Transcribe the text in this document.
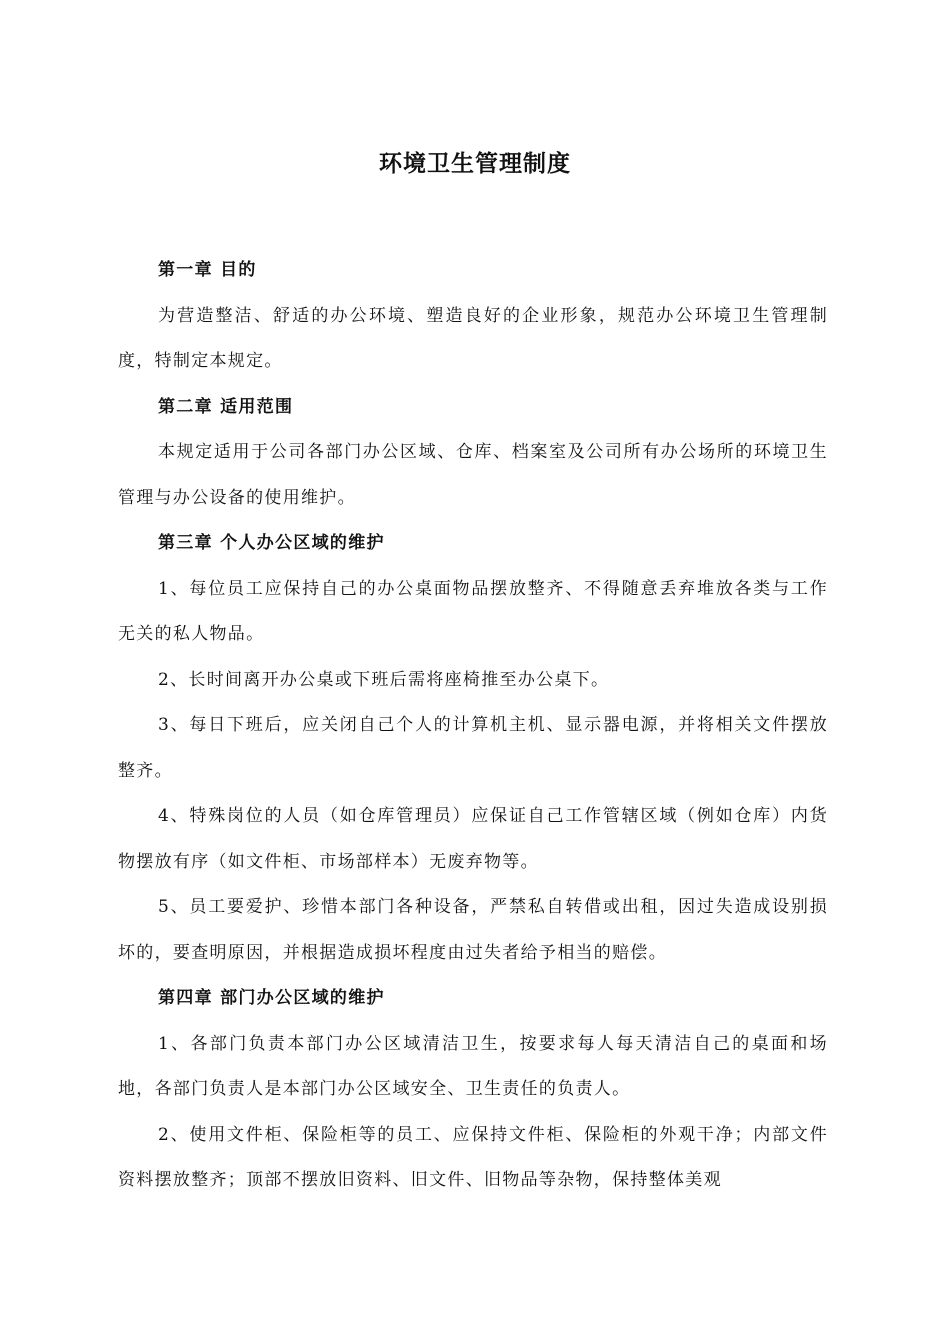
环境卫生管理制度

第一章 目的

为营造整洁、舒适的办公环境、塑造良好的企业形象，规范办公环境卫生管理制度，特制定本规定。

第二章 适用范围

本规定适用于公司各部门办公区域、仓库、档案室及公司所有办公场所的环境卫生管理与办公设备的使用维护。

第三章 个人办公区域的维护

1、每位员工应保持自己的办公桌面物品摆放整齐、不得随意丢弃堆放各类与工作无关的私人物品。

2、长时间离开办公桌或下班后需将座椅推至办公桌下。

3、每日下班后，应关闭自己个人的计算机主机、显示器电源，并将相关文件摆放整齐。

4、特殊岗位的人员（如仓库管理员）应保证自己工作管辖区域（例如仓库）内货物摆放有序（如文件柜、市场部样本）无废弃物等。

5、员工要爱护、珍惜本部门各种设备，严禁私自转借或出租，因过失造成设别损坏的，要查明原因，并根据造成损坏程度由过失者给予相当的赔偿。

第四章 部门办公区域的维护

1、各部门负责本部门办公区域清洁卫生，按要求每人每天清洁自己的桌面和场地，各部门负责人是本部门办公区域安全、卫生责任的负责人。

2、使用文件柜、保险柜等的员工、应保持文件柜、保险柜的外观干净；内部文件资料摆放整齐；顶部不摆放旧资料、旧文件、旧物品等杂物，保持整体美观
